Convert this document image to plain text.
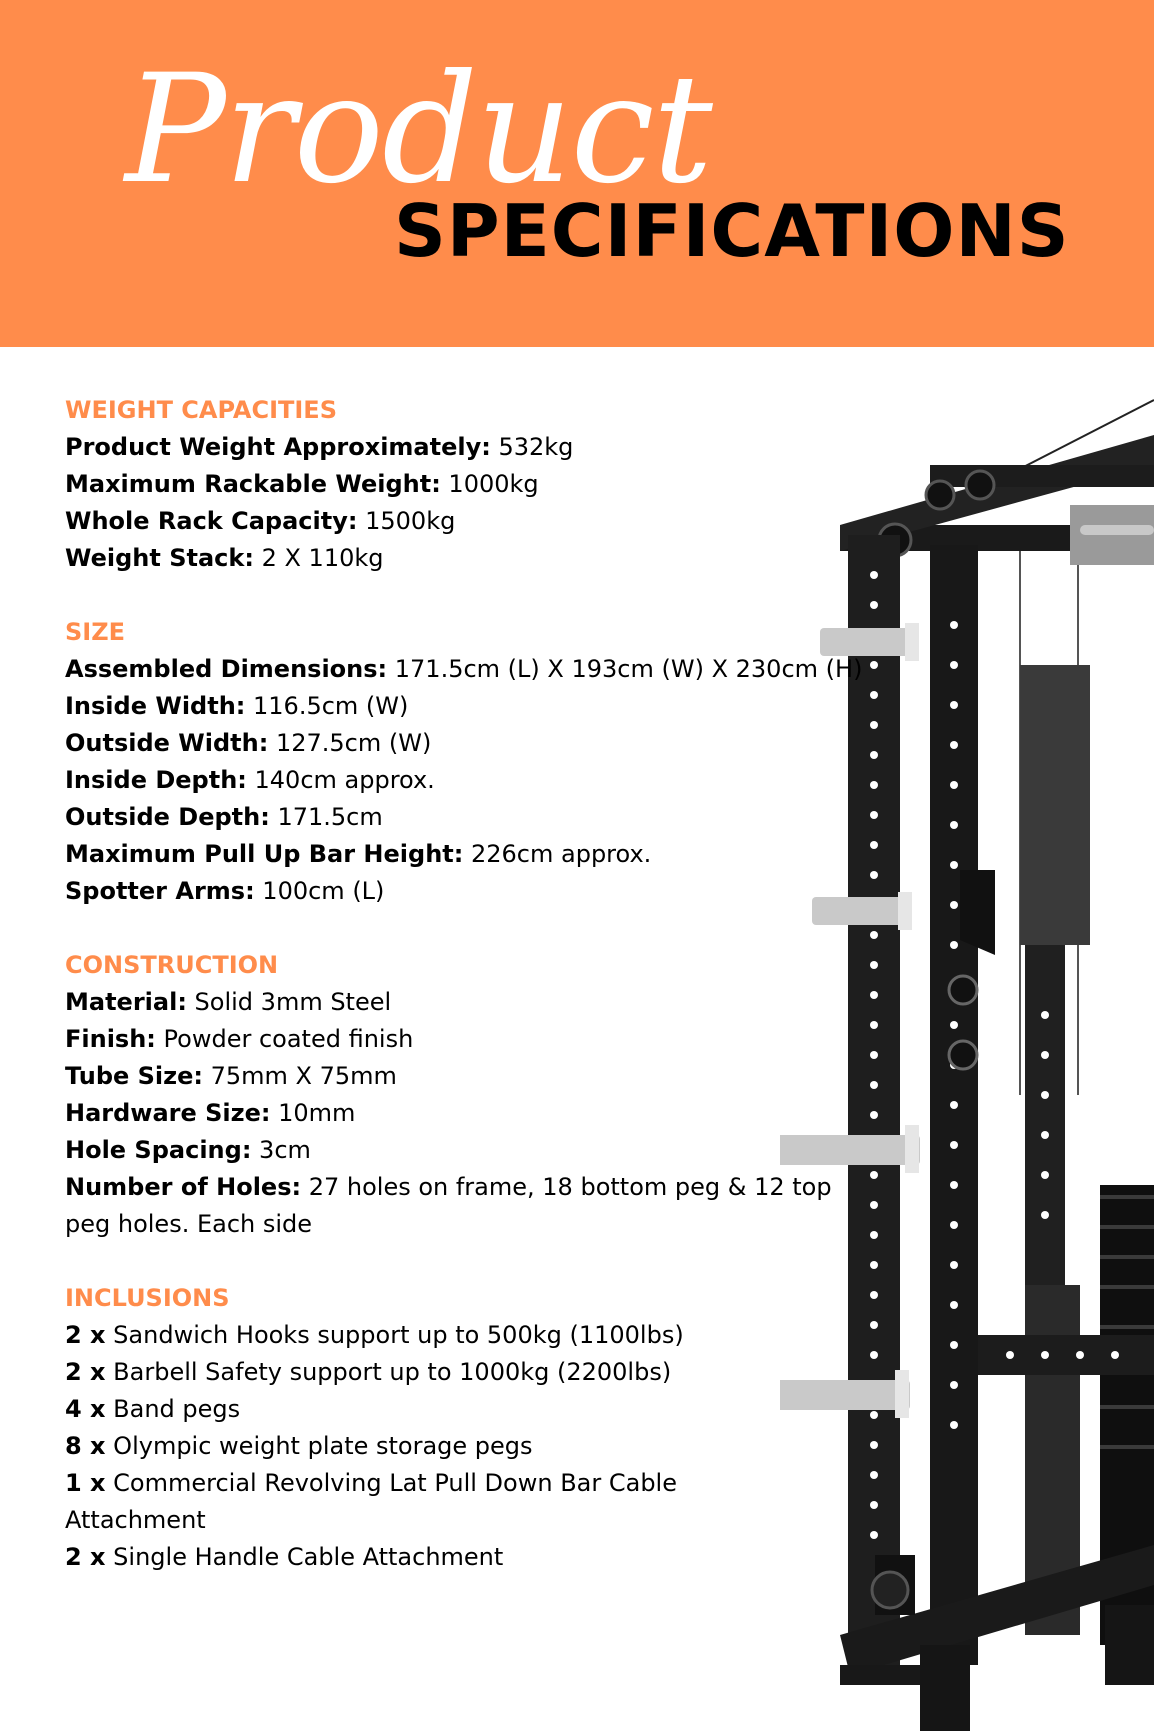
Product
SPECIFICATIONS
WEIGHT CAPACITIES
Product Weight Approximately: 532kg
Maximum Rackable Weight: 1000kg
Whole Rack Capacity: 1500kg
Weight Stack: 2 X 110kg
SIZE
Assembled Dimensions: 171.5cm (L) X 193cm (W) X 230cm (H)
Inside Width: 116.5cm (W)
Outside Width: 127.5cm (W)
Inside Depth: 140cm approx.
Outside Depth: 171.5cm
Maximum Pull Up Bar Height: 226cm approx.
Spotter Arms: 100cm (L)
CONSTRUCTION
Material: Solid 3mm Steel
Finish: Powder coated finish
Tube Size: 75mm X 75mm
Hardware Size: 10mm
Hole Spacing: 3cm
Number of Holes: 27 holes on frame, 18 bottom peg & 12 top peg holes. Each side
INCLUSIONS
2 x Sandwich Hooks support up to 500kg (1100lbs)
2 x Barbell Safety support up to 1000kg (2200lbs)
4 x Band pegs
8 x Olympic weight plate storage pegs
1 x Commercial Revolving Lat Pull Down Bar Cable Attachment
2 x Single Handle Cable Attachment
